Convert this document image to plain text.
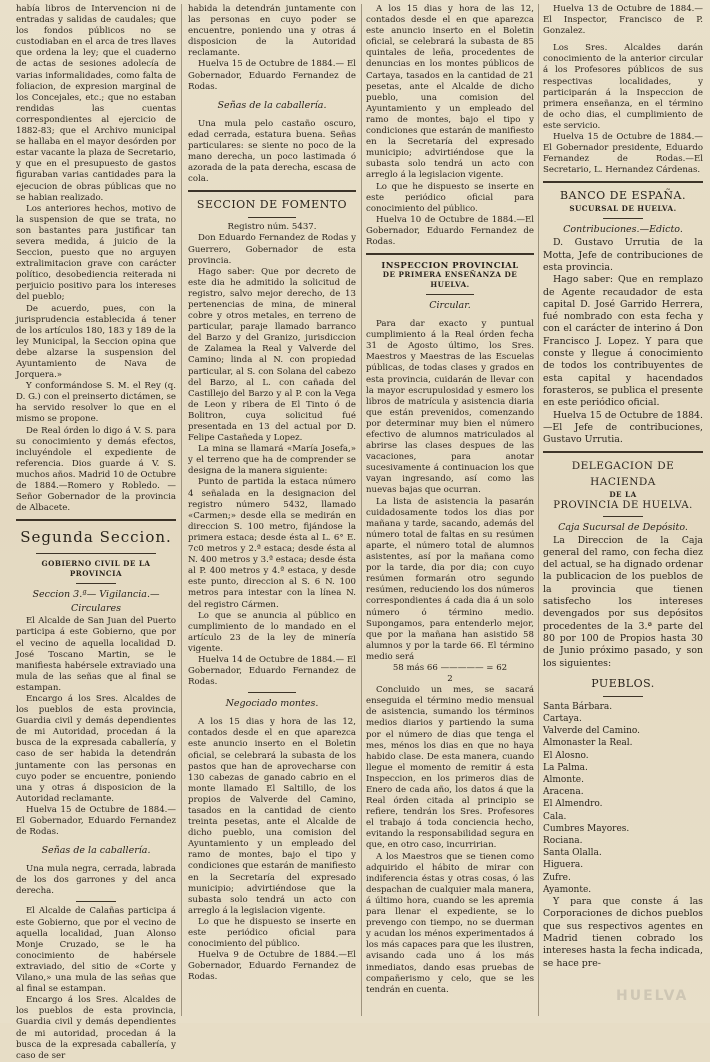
había libros de Intervencion ni de entradas y salidas de caudales; que los fondos públicos no se custodiaban en el arca de tres llaves que ordena la ley; que el cuaderno de actas de sesiones adolecía de varias informalidades, como falta de foliacion, de expresion marginal de los Concejales, etc.; que no estaban rendidas las cuentas correspondientes al ejercicio de 1882-83; que el Archivo municipal se hallaba en el mayor desórden por estar vacante la plaza de Secretario, y que en el presupuesto de gastos figuraban varias cantidades para la ejecucion de obras públicas que no se habian realizado.

Los anteriores hechos, motivo de la suspension de que se trata, no son bastantes para justificar tan severa medida, á juicio de la Seccion, puesto que no arguyen extralimitacion grave con carácter político, desobediencia reiterada ni perjuicio positivo para los intereses del pueblo;

De acuerdo, pues, con la jurisprudencia establecida á tener de los artículos 180, 183 y 189 de la ley Municipal, la Seccion opina que debe alzarse la suspension del Ayuntamiento de Nava de Jorquera.»

Y conformándose S. M. el Rey (q. D. G.) con el preinserto dictámen, se ha servido resolver lo que en el mismo se propone.

De Real órden lo digo á V. S. para su conocimiento y demás efectos, incluyéndole el expediente de referencia. Dios guarde á V. S. muchos años. Madrid 10 de Octubre de 1884.—Romero y Robledo. —Señor Gobernador de la provincia de Albacete.

Segunda Seccion.

GOBIERNO CIVIL DE LA PROVINCIA

Seccion 3.ª— Vigilancia.— Circulares

El Alcalde de San Juan del Puerto participa á este Gobierno, que por el vecino de aquella localidad D. José Toscano Martin, se le manifiesta habérsele extraviado una mula de las señas que al final se estampan.

Encargo á los Sres. Alcaldes de los pueblos de esta provincia, Guardia civil y demás dependientes de mi Autoridad, procedan á la busca de la expresada caballería, y caso de ser habida la detendrán juntamente con las personas en cuyo poder se encuentre, poniendo una y otras á disposicion de la Autoridad reclamante.

Huelva 15 de Octubre de 1884.— El Gobernador, Eduardo Fernandez de Rodas.

Señas de la caballería.

Una mula negra, cerrada, labrada de los dos garrones y del anca derecha.

El Alcalde de Calañas participa á este Gobierno, que por el vecino de aquella localidad, Juan Alonso Monje Cruzado, se le ha conocimiento de habérsele extraviado, del sitio de «Corte y Vilano,» una mula de las señas que al final se estampan.

Encargo á los Sres. Alcaldes de los pueblos de esta provincia, Guardia civil y demás dependientes de mi autoridad, procedan á la busca de la expresada caballería, y caso de ser

habida la detendrán juntamente con las personas en cuyo poder se encuentre, poniendo una y otras á disposicion de la Autoridad reclamante.

Huelva 15 de Octubre de 1884.— El Gobernador, Eduardo Fernandez de Rodas.

Señas de la caballería.

Una mula pelo castaño oscuro, edad cerrada, estatura buena. Señas particulares: se siente no poco de la mano derecha, un poco lastimada ó azorada de la pata derecha, escasa de cola.

SECCION DE FOMENTO

Registro núm. 5437.

Don Eduardo Fernandez de Rodas y Guerrero, Gobernador de esta provincia.

Hago saber: Que por decreto de este dia he admitido la solicitud de registro, salvo mejor derecho, de 13 pertenencias de mina, de mineral cobre y otros metales, en terreno de particular, paraje llamado barranco del Barzo y del Granizo, jurisdiccion de Zalamea la Real y Valverde del Camino; linda al N. con propiedad particular, al S. con Solana del cabezo del Barzo, al L. con cañada del Castillejo del Barzo y al P. con la Vega de Leon y ribera de El Tinto ó de Bolitron, cuya solicitud fué presentada en 13 del actual por D. Felipe Castañeda y Lopez.

La mina se llamará «María Josefa,» y el terreno que ha de comprender se designa de la manera siguiente:

Punto de partida la estaca número 4 señalada en la designacion del registro número 5432, llamado «Carmen;» desde ella se medirán en direccion S. 100 metro, fijándose la primera estaca; desde ésta al L. 6° E. 7c0 metros y 2.ª estaca; desde ésta al N. 400 metros y 3.ª estaca; desde ésta al P. 400 metros y 4.ª estaca, y desde este punto, direccion al S. 6 N. 100 metros para intestar con la línea N. del registro Cármen.

Lo que se anuncia al público en cumplimiento de lo mandado en el artículo 23 de la ley de minería vigente.

Huelva 14 de Octubre de 1884.— El Gobernador, Eduardo Fernandez de Rodas.

Negociado montes.

A los 15 dias y hora de las 12, contados desde el en que aparezca este anuncio inserto en el Boletin oficial, se celebrará la subasta de los pastos que han de aprovecharse con 130 cabezas de ganado cabrio en el monte llamado El Saltillo, de los propios de Valverde del Camino, tasados en la cantidad de ciento treinta pesetas, ante el Alcalde de dicho pueblo, una comision del Ayuntamiento y un empleado del ramo de montes, bajo el tipo y condiciones que estarán de manifiesto en la Secretaría del expresado municipio; advirtiéndose que la subasta solo tendrá un acto con arreglo á la legislacion vigente.

Lo que he dispuesto se inserte en este periódico oficial para conocimiento del público.

Huelva 9 de Octubre de 1884.—El Gobernador, Eduardo Fernandez de Rodas.

A los 15 dias y hora de las 12, contados desde el en que aparezca este anuncio inserto en el Boletin oficial, se celebrará la subasta de 85 quintales de leña, procedentes de denuncias en los montes públicos de Cartaya, tasados en la cantidad de 21 pesetas, ante el Alcalde de dicho pueblo, una comision del Ayuntamiento y un empleado del ramo de montes, bajo el tipo y condiciones que estarán de manifiesto en la Secretaría del expresado municipio; advirtiéndose que la subasta solo tendrá un acto con arreglo á la legislacion vigente.

Lo que he dispuesto se inserte en este periódico oficial para conocimiento del público.

Huelva 10 de Octubre de 1884.—El Gobernador, Eduardo Fernandez de Rodas.

INSPECCION PROVINCIAL

DE PRIMERA ENSEÑANZA DE HUELVA.

Circular.

Para dar exacto y puntual cumplimiento á la Real órden fecha 31 de Agosto último, los Sres. Maestros y Maestras de las Escuelas públicas, de todas clases y grados en esta provincia, cuidarán de llevar con la mayor escrupulosidad y esmero los libros de matrícula y asistencia diaria que están prevenidos, comenzando por determinar muy bien el número efectivo de alumnos matriculados al abrirse las clases despues de las vacaciones, para anotar sucesivamente á continuacion los que vayan ingresando, así como las nuevas bajas que ocurran.

La lista de asistencia la pasarán cuidadosamente todos los dias por mañana y tarde, sacando, además del número total de faltas en su resúmen aparte, el número total de alumnos asistentes, así por la mañana como por la tarde, dia por dia; con cuyo resúmen formarán otro segundo resúmen, reduciendo los dos números correspondientes á cada dia á un solo número ó término medio. Supongamos, para entenderlo mejor, que por la mañana han asistido 58 alumnos y por la tarde 66. El término medio será

58 más 66 ————— = 62

2

Concluido un mes, se sacará enseguida el término medio mensual de asistencia, sumando los términos medios diarios y partiendo la suma por el número de dias que tenga el mes, ménos los dias en que no haya habido clase. De esta manera, cuando llegue el momento de remitir á esta Inspeccion, en los primeros dias de Enero de cada año, los datos á que la Real órden citada al principio se refiere, tendrán los Sres. Profesores el trabajo á toda conciencia hecho, evitando la responsabilidad segura en que, en otro caso, incurririan.

A los Maestros que se tienen como adquirido el hábito de mirar con indiferencia éstas y otras cosas, ó las despachan de cualquier mala manera, á último hora, cuando se les apremia para llenar el expediente, se lo prevengo con tiempo, no se duerman y acudan los ménos experimentados á los más capaces para que les ilustren, avisando cada uno á los más inmediatos, dando esas pruebas de compañerismo y celo, que se les tendrán en cuenta.

Huelva 13 de Octubre de 1884.— El Inspector, Francisco de P. Gonzalez.

Los Sres. Alcaldes darán conocimiento de la anterior circular á los Profesores públicos de sus respectivas localidades, y participarán á la Inspeccion de primera enseñanza, en el término de ocho dias, el cumplimiento de este servicio.

Huelva 15 de Octubre de 1884.— El Gobernador presidente, Eduardo Fernandez de Rodas.—El Secretario, L. Hernandez Cárdenas.

BANCO DE ESPAÑA.

SUCURSAL DE HUELVA.

Contribuciones.—Edicto.

D. Gustavo Urrutia de la Motta, Jefe de contribuciones de esta provincia.

Hago saber: Que en remplazo de Agente recaudador de esta capital D. José Garrido Herrera, fué nombrado con esta fecha y con el carácter de interino á Don Francisco J. Lopez. Y para que conste y llegue á conocimiento de todos los contribuyentes de esta capital y hacendados forasteros, se publica el presente en este periódico oficial.

Huelva 15 de Octubre de 1884. —El Jefe de contribuciones, Gustavo Urrutia.

DELEGACION DE HACIENDA

DE LA

PROVINCIA DE HUELVA.

Caja Sucursal de Depósito.

La Direccion de la Caja general del ramo, con fecha diez del actual, se ha dignado ordenar la publicacion de los pueblos de la provincia que tienen satisfecho los intereses devengados por sus depósitos procedentes de la 3.ª parte del 80 por 100 de Propios hasta 30 de Junio próximo pasado, y son los siguientes:

PUEBLOS.

Santa Bárbara.
Cartaya.
Valverde del Camino.
Almonaster la Real.
El Alosno.
La Palma.
Almonte.
Aracena.
El Almendro.
Cala.
Cumbres Mayores.
Rociana.
Santa Olalla.
Higuera.
Zufre.
Ayamonte.

Y para que conste á las Corporaciones de dichos pueblos que sus respectivos agentes en Madrid tienen cobrado los intereses hasta la fecha indicada, se hace pre-

HUELVA
